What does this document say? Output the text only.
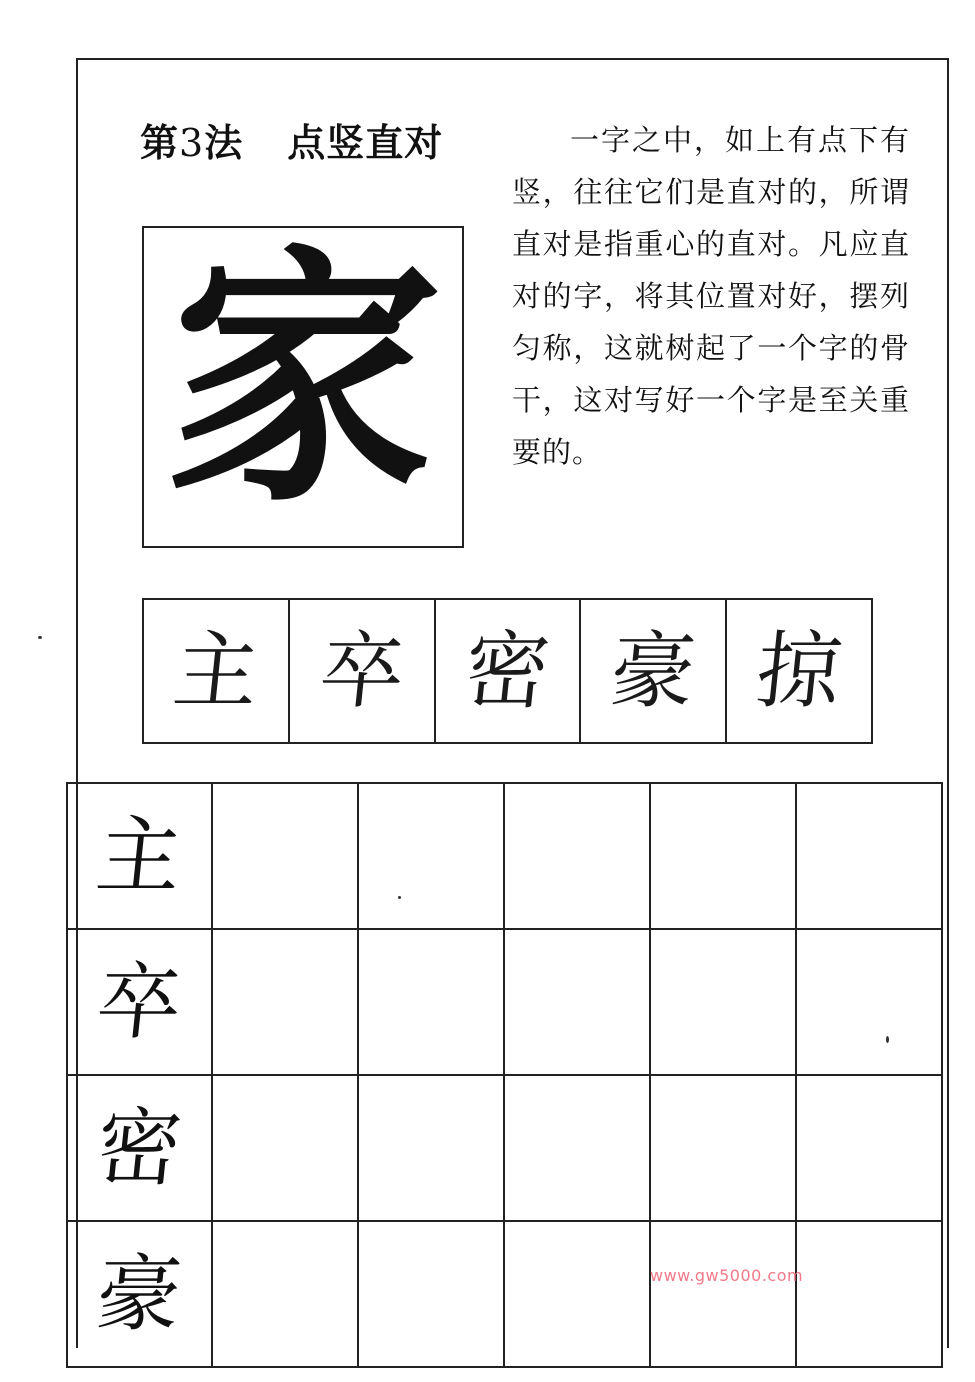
第3法 点竖直对	一字之中，如上有点下有竖，往往它们是直对的，所谓直对是指重心的直对。凡应直对的字，将其位置对好，摆列匀称，这就树起了一个字的骨干，这对写好一个字是至关重要的。
家
主 卒 密 豪 掠
主
卒
密
豪	www.gw5000.com
